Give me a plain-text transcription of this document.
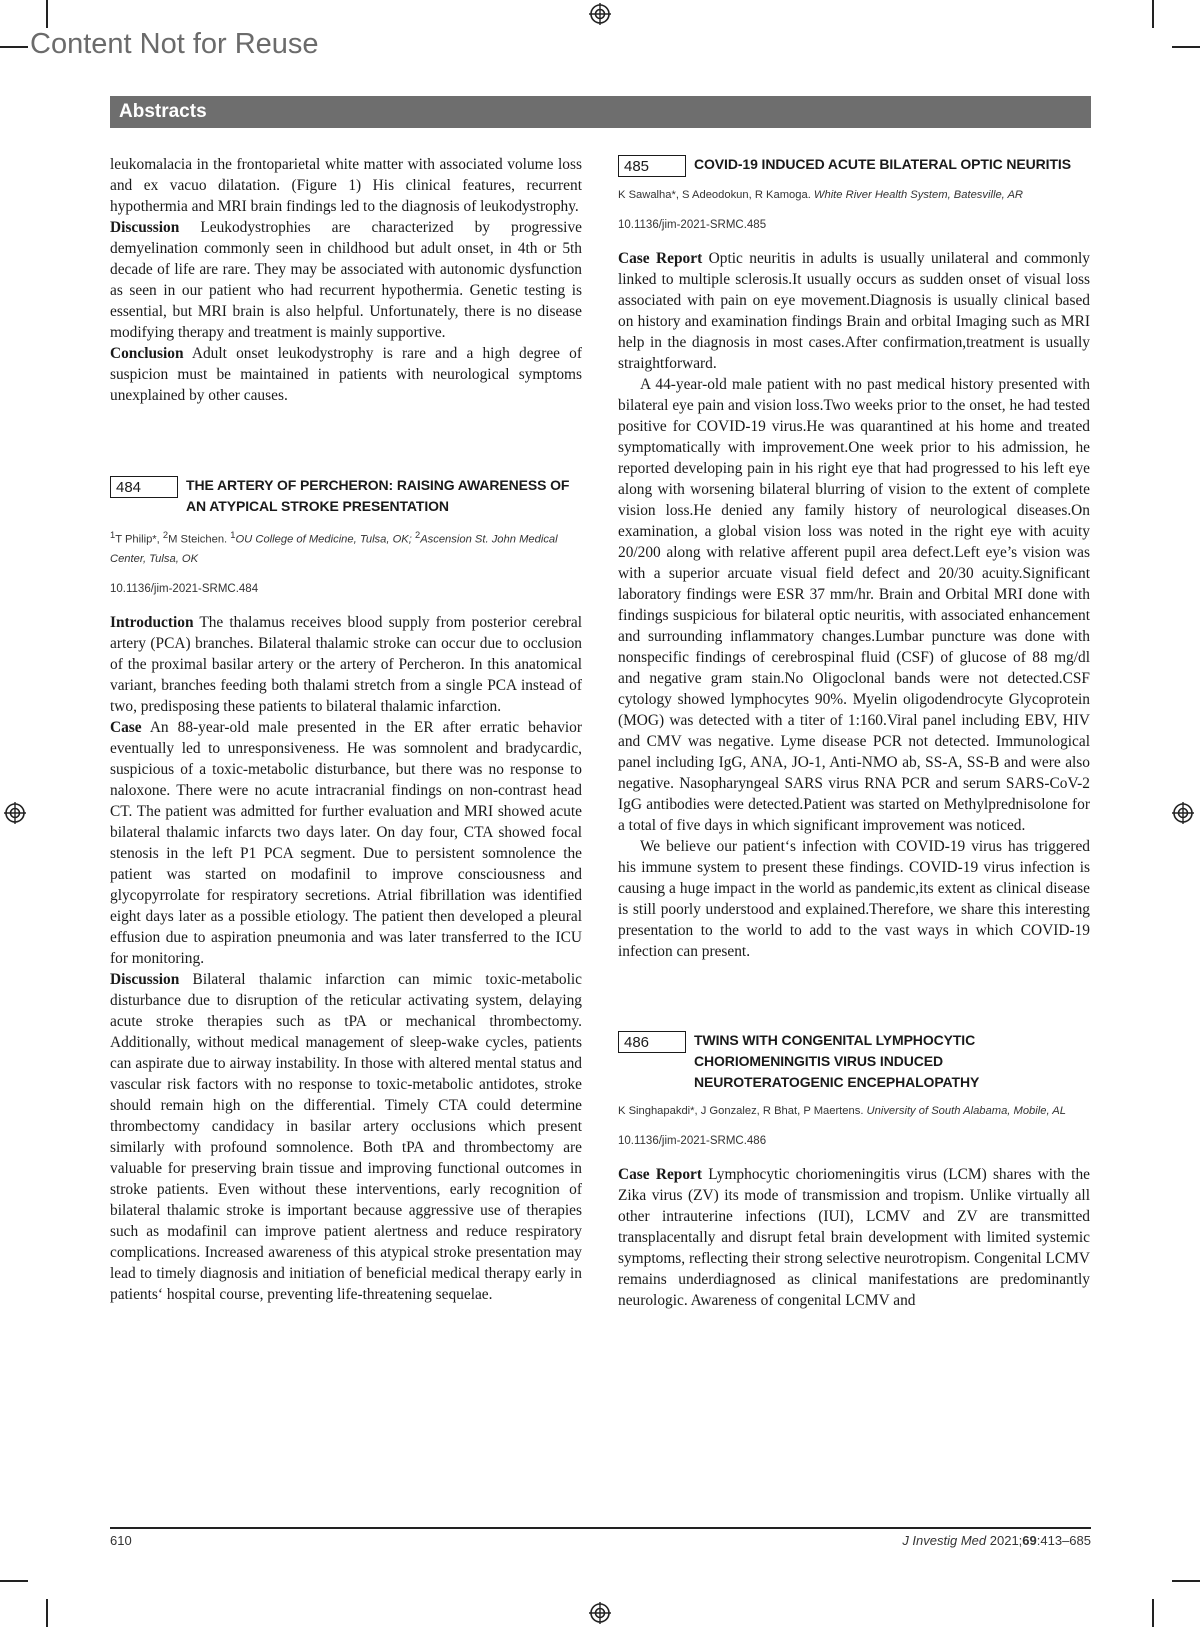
Content Not for Reuse
Abstracts

leukomalacia in the frontoparietal white matter with associated volume loss and ex vacuo dilatation. (Figure 1) His clinical features, recurrent hypothermia and MRI brain findings led to the diagnosis of leukodystrophy.

Discussion Leukodystrophies are characterized by progressive demyelination commonly seen in childhood but adult onset, in 4th or 5th decade of life are rare. They may be associated with autonomic dysfunction as seen in our patient who had recurrent hypothermia. Genetic testing is essential, but MRI brain is also helpful. Unfortunately, there is no disease modifying therapy and treatment is mainly supportive.

Conclusion Adult onset leukodystrophy is rare and a high degree of suspicion must be maintained in patients with neurological symptoms unexplained by other causes.

484	THE ARTERY OF PERCHERON: RAISING AWARENESS OF AN ATYPICAL STROKE PRESENTATION
$^1$T Philip*, $^2$M Steichen. $^1$OU College of Medicine, Tulsa, OK; $^2$Ascension St. John Medical Center, Tulsa, OK
10.1136/jim-2021-SRMC.484

Introduction The thalamus receives blood supply from posterior cerebral artery (PCA) branches. Bilateral thalamic stroke can occur due to occlusion of the proximal basilar artery or the artery of Percheron. In this anatomical variant, branches feeding both thalami stretch from a single PCA instead of two, predisposing these patients to bilateral thalamic infarction.

Case An 88-year-old male presented in the ER after erratic behavior eventually led to unresponsiveness. He was somnolent and bradycardic, suspicious of a toxic-metabolic disturbance, but there was no response to naloxone. There were no acute intracranial findings on non-contrast head CT. The patient was admitted for further evaluation and MRI showed acute bilateral thalamic infarcts two days later. On day four, CTA showed focal stenosis in the left P1 PCA segment. Due to persistent somnolence the patient was started on modafinil to improve consciousness and glycopyrrolate for respiratory secretions. Atrial fibrillation was identified eight days later as a possible etiology. The patient then developed a pleural effusion due to aspiration pneumonia and was later transferred to the ICU for monitoring.

Discussion Bilateral thalamic infarction can mimic toxic-metabolic disturbance due to disruption of the reticular activating system, delaying acute stroke therapies such as tPA or mechanical thrombectomy. Additionally, without medical management of sleep-wake cycles, patients can aspirate due to airway instability. In those with altered mental status and vascular risk factors with no response to toxic-metabolic antidotes, stroke should remain high on the differential. Timely CTA could determine thrombectomy candidacy in basilar artery occlusions which present similarly with profound somnolence. Both tPA and thrombectomy are valuable for preserving brain tissue and improving functional outcomes in stroke patients. Even without these interventions, early recognition of bilateral thalamic stroke is important because aggressive use of therapies such as modafinil can improve patient alertness and reduce respiratory complications. Increased awareness of this atypical stroke presentation may lead to timely diagnosis and initiation of beneficial medical therapy early in patients‘ hospital course, preventing life-threatening sequelae.

485	COVID-19 INDUCED ACUTE BILATERAL OPTIC NEURITIS
K Sawalha*, S Adeodokun, R Kamoga. White River Health System, Batesville, AR
10.1136/jim-2021-SRMC.485

Case Report Optic neuritis in adults is usually unilateral and commonly linked to multiple sclerosis.It usually occurs as sudden onset of visual loss associated with pain on eye movement.Diagnosis is usually clinical based on history and examination findings Brain and orbital Imaging such as MRI help in the diagnosis in most cases.After confirmation,treatment is usually straightforward.

A 44-year-old male patient with no past medical history presented with bilateral eye pain and vision loss.Two weeks prior to the onset, he had tested positive for COVID-19 virus.He was quarantined at his home and treated symptomatically with improvement.One week prior to his admission, he reported developing pain in his right eye that had progressed to his left eye along with worsening bilateral blurring of vision to the extent of complete vision loss.He denied any family history of neurological diseases.On examination, a global vision loss was noted in the right eye with acuity 20/200 along with relative afferent pupil area defect.Left eye’s vision was with a superior arcuate visual field defect and 20/30 acuity.Significant laboratory findings were ESR 37 mm/hr. Brain and Orbital MRI done with findings suspicious for bilateral optic neuritis, with associated enhancement and surrounding inflammatory changes.Lumbar puncture was done with nonspecific findings of cerebrospinal fluid (CSF) of glucose of 88 mg/dl and negative gram stain.No Oligoclonal bands were not detected.CSF cytology showed lymphocytes 90%. Myelin oligodendrocyte Glycoprotein (MOG) was detected with a titer of 1:160.Viral panel including EBV, HIV and CMV was negative. Lyme disease PCR not detected. Immunological panel including IgG, ANA, JO-1, Anti-NMO ab, SS-A, SS-B and were also negative. Nasopharyngeal SARS virus RNA PCR and serum SARS-CoV-2 IgG antibodies were detected.Patient was started on Methylprednisolone for a total of five days in which significant improvement was noticed.

We believe our patient‘s infection with COVID-19 virus has triggered his immune system to present these findings. COVID-19 virus infection is causing a huge impact in the world as pandemic,its extent as clinical disease is still poorly understood and explained.Therefore, we share this interesting presentation to the world to add to the vast ways in which COVID-19 infection can present.

486	TWINS WITH CONGENITAL LYMPHOCYTIC CHORIOMENINGITIS VIRUS INDUCED NEUROTERATOGENIC ENCEPHALOPATHY
K Singhapakdi*, J Gonzalez, R Bhat, P Maertens. University of South Alabama, Mobile, AL
10.1136/jim-2021-SRMC.486

Case Report Lymphocytic choriomeningitis virus (LCM) shares with the Zika virus (ZV) its mode of transmission and tropism. Unlike virtually all other intrauterine infections (IUI), LCMV and ZV are transmitted transplacentally and disrupt fetal brain development with limited systemic symptoms, reflecting their strong selective neurotropism. Congenital LCMV remains underdiagnosed as clinical manifestations are predominantly neurologic. Awareness of congenital LCMV and

610	J Investig Med 2021;69:413–685
